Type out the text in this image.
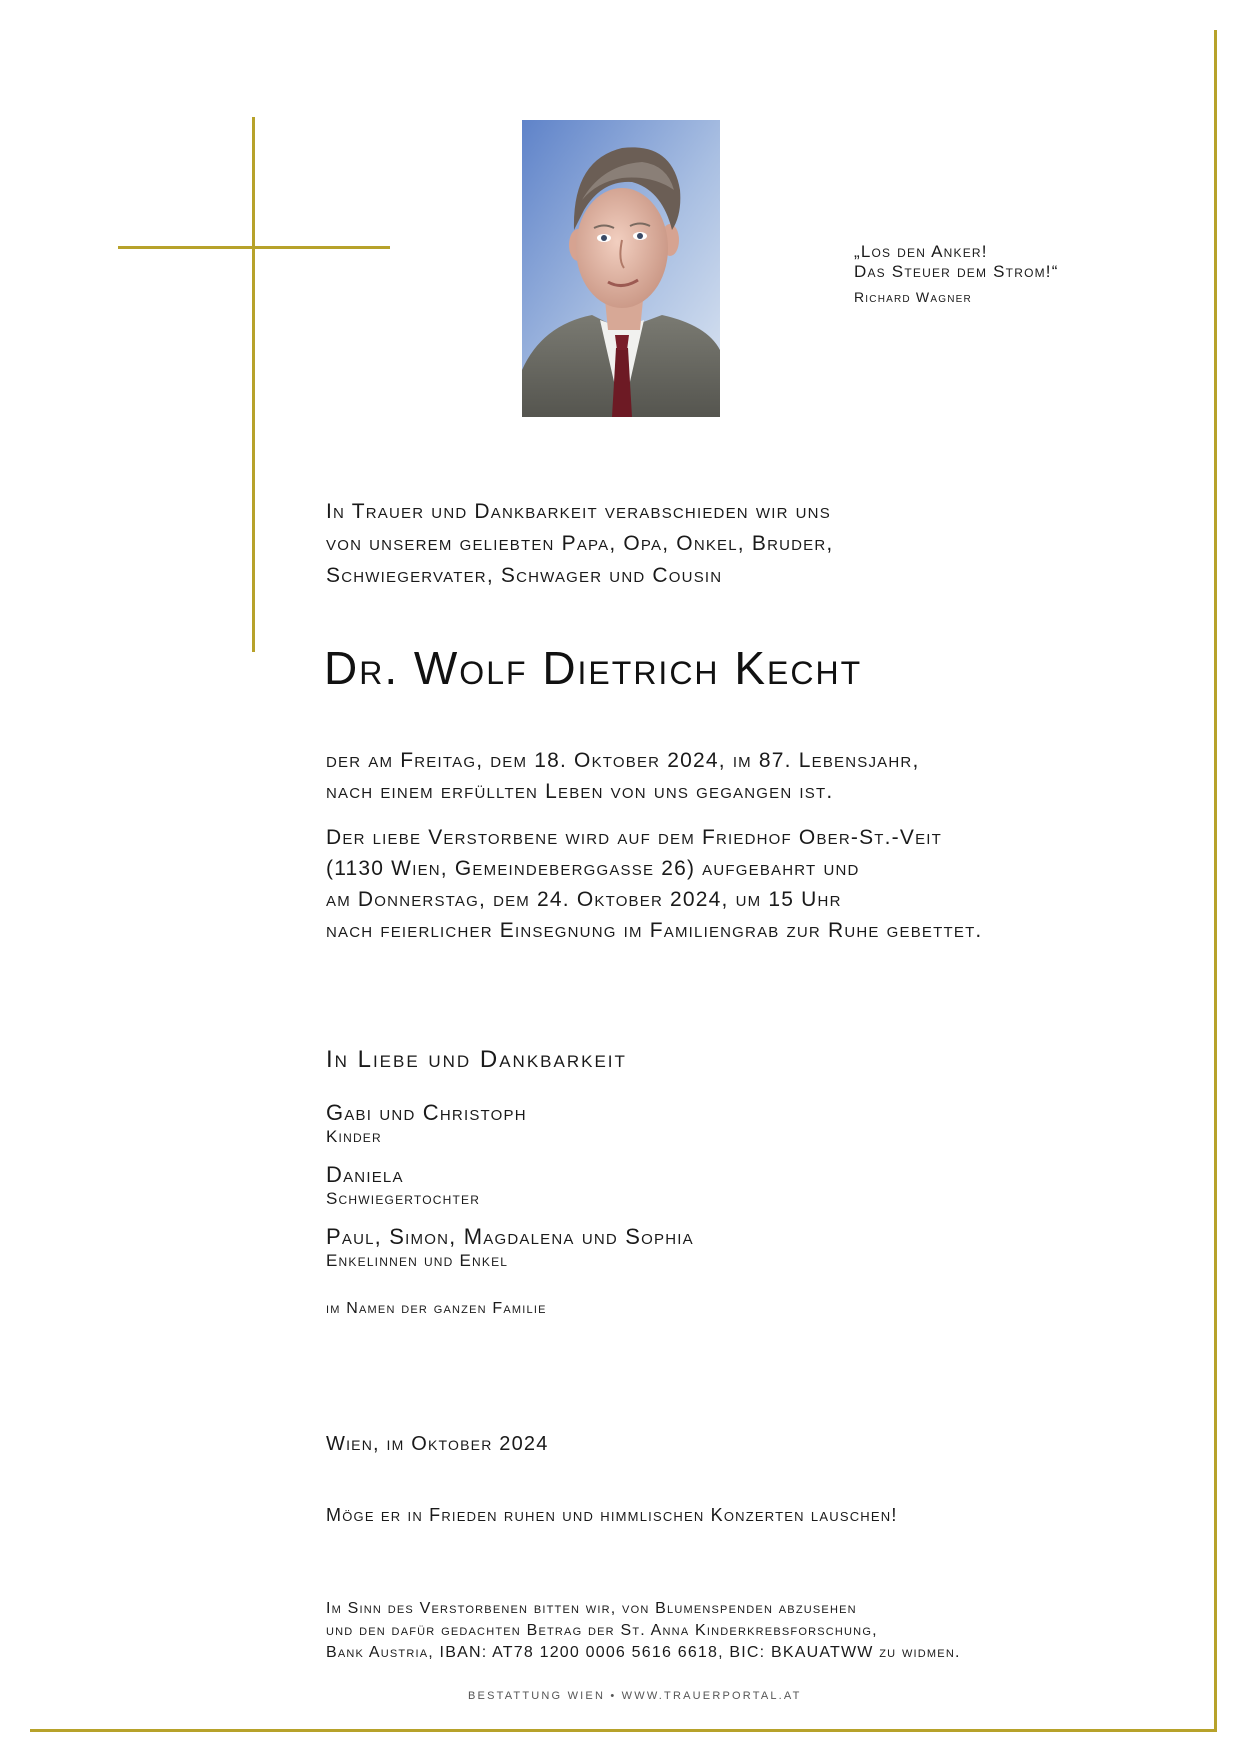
„Los den Anker!
Das Steuer dem Strom!“
Richard Wagner
In Trauer und Dankbarkeit verabschieden wir uns
von unserem geliebten Papa, Opa, Onkel, Bruder,
Schwiegervater, Schwager und Cousin
Dr. Wolf Dietrich Kecht
der am Freitag, dem 18. Oktober 2024, im 87. Lebensjahr,
nach einem erfüllten Leben von uns gegangen ist.
Der liebe Verstorbene wird auf dem Friedhof Ober-St.-Veit
(1130 Wien, Gemeindeberggasse 26) aufgebahrt und
am Donnerstag, dem 24. Oktober 2024, um 15 Uhr
nach feierlicher Einsegnung im Familiengrab zur Ruhe gebettet.
In Liebe und Dankbarkeit
Gabi und Christoph
Kinder
Daniela
Schwiegertochter
Paul, Simon, Magdalena und Sophia
Enkelinnen und Enkel
im Namen der ganzen Familie
Wien, im Oktober 2024
Möge er in Frieden ruhen und himmlischen Konzerten lauschen!
Im Sinn des Verstorbenen bitten wir, von Blumenspenden abzusehen
und den dafür gedachten Betrag der St. Anna Kinderkrebsforschung,
Bank Austria, IBAN: AT78 1200 0006 5616 6618, BIC: BKAUATWW zu widmen.
BESTATTUNG WIEN • WWW.TRAUERPORTAL.AT
